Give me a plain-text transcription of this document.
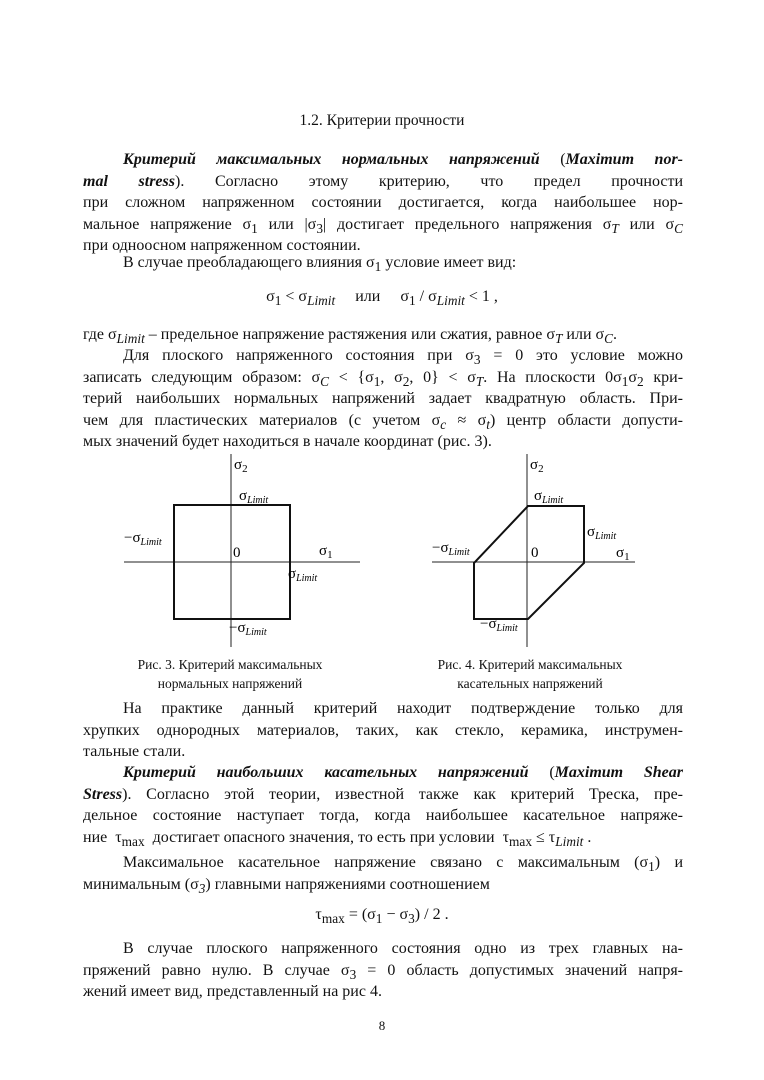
1.2. Критерии прочности
Критерий максимальных нормальных напряжений (Maximum nor-
mal stress). Согласно этому критерию, что предел прочности
при сложном напряженном состоянии достигается, когда наибольшее нор-
мальное напряжение $\sigma_1$ или $|\sigma_3|$ достигает предельного напряжения $\sigma_T$ или $\sigma_C$
при одноосном напряженном состоянии.
В случае преобладающего влияния $\sigma_1$ условие имеет вид:
$\sigma_1 < \sigma_{Limit}$     или     $\sigma_1 / \sigma_{Limit} < 1$ ,
где $\sigma_{Limit}$ – предельное напряжение растяжения или сжатия, равное $\sigma_T$ или $\sigma_C$.
Для плоского напряженного состояния при $\sigma_3 = 0$ это условие можно
записать следующим образом: $\sigma_C < \{\sigma_1$, $\sigma_2$, $0\} < \sigma_T$. На плоскости $0\sigma_1\sigma_2$ кри-
терий наибольших нормальных напряжений задает квадратную область. При-
чем для пластических материалов (с учетом $\sigma_c \approx \sigma_t$) центр области допусти-
мых значений будет находиться в начале координат (рис. 3).
$\sigma_2$
$\sigma_1$
0
$\sigma_{Limit}$
$\sigma_{Limit}$
$-\sigma_{Limit}$
$-\sigma_{Limit}$
$\sigma_2$
$\sigma_1$
0
$\sigma_{Limit}$
$\sigma_{Limit}$
$-\sigma_{Limit}$
$-\sigma_{Limit}$
Рис. 3. Критерий максимальных
нормальных напряжений
Рис. 4. Критерий максимальных
касательных напряжений
На практике данный критерий находит подтверждение только для
хрупких однородных материалов, таких, как стекло, керамика, инструмен-
тальные стали.
Критерий наибольших касательных напряжений (Maximum Shear
Stress). Согласно этой теории, известной также как критерий Треска, пре-
дельное состояние наступает тогда, когда наибольшее касательное напряже-
ние  $\tau_{max}$  достигает опасного значения, то есть при условии  $\tau_{max} \le \tau_{Limit}$ .
Максимальное касательное напряжение связано с максимальным $(\sigma_1)$ и
минимальным $(\sigma_3)$ главными напряжениями соотношением
$\tau_{max} = (\sigma_1 - \sigma_3) / 2$ .
В случае плоского напряженного состояния одно из трех главных на-
пряжений равно нулю. В случае $\sigma_3 = 0$ область допустимых значений напря-
жений имеет вид, представленный на рис 4.
8
